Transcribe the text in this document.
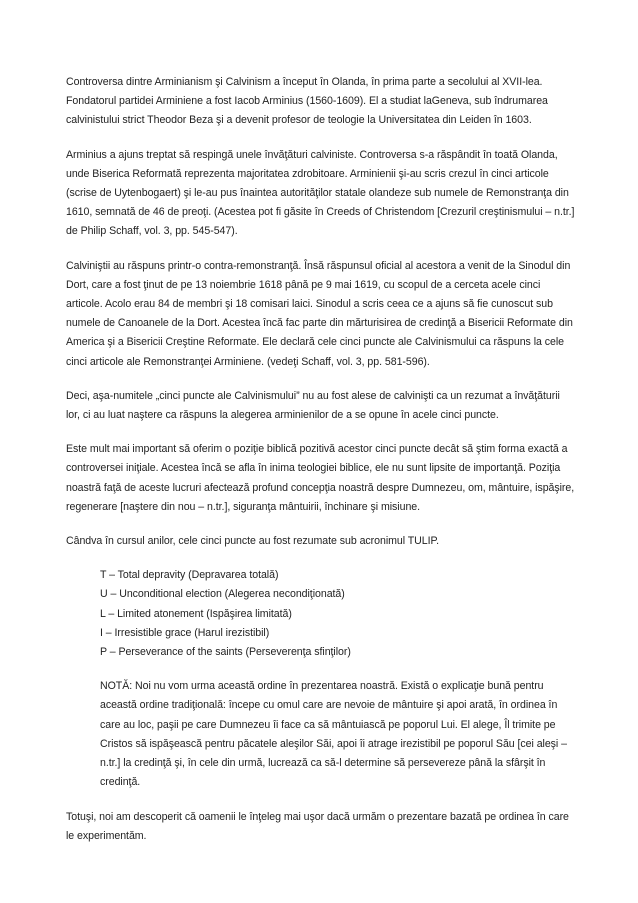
Controversa dintre Arminianism şi Calvinism a început în Olanda, în prima parte a secolului al XVII-lea. Fondatorul partidei Arminiene a fost Iacob Arminius (1560-1609). El a studiat laGeneva, sub îndrumarea calvinistului strict Theodor Beza şi a devenit profesor de teologie la Universitatea din Leiden în 1603.

Arminius a ajuns treptat să respingă unele învăţături calviniste. Controversa s-a răspândit în toată Olanda, unde Biserica Reformată reprezenta majoritatea zdrobitoare. Arminienii şi-au scris crezul în cinci articole (scrise de Uytenbogaert) şi le-au pus înaintea autorităţilor statale olandeze sub numele de Remonstranţa din 1610, semnată de 46 de preoţi. (Acestea pot fi găsite în Creeds of Christendom [Crezuril creştinismului – n.tr.] de Philip Schaff, vol. 3, pp. 545-547).

Calviniştii au răspuns printr-o contra-remonstranţă. Însă răspunsul oficial al acestora a venit de la Sinodul din Dort, care a fost ţinut de pe 13 noiembrie 1618 până pe 9 mai 1619, cu scopul de a cerceta acele cinci articole. Acolo erau 84 de membri şi 18 comisari laici. Sinodul a scris ceea ce a ajuns să fie cunoscut sub numele de Canoanele de la Dort. Acestea încă fac parte din mărturisirea de credinţă a Bisericii Reformate din America şi a Bisericii Creştine Reformate. Ele declară cele cinci puncte ale Calvinismului ca răspuns la cele cinci articole ale Remonstranţei Arminiene. (vedeţi Schaff, vol. 3, pp. 581-596).

Deci, aşa-numitele „cinci puncte ale Calvinismului” nu au fost alese de calvinişti ca un rezumat a învăţăturii lor, ci au luat naştere ca răspuns la alegerea arminienilor de a se opune în acele cinci puncte.

Este mult mai important să oferim o poziţie biblică pozitivă acestor cinci puncte decât să ştim forma exactă a controversei iniţiale. Acestea încă se afla în inima teologiei biblice, ele nu sunt lipsite de importanţă. Poziţia noastră faţă de aceste lucruri afectează profund concepţia noastră despre Dumnezeu, om, mântuire, ispăşire, regenerare [naştere din nou – n.tr.], siguranţa mântuirii, închinare şi misiune.

Cândva în cursul anilor, cele cinci puncte au fost rezumate sub acronimul TULIP.

T – Total depravity (Depravarea totală)
U – Unconditional election (Alegerea necondiţionată)
L – Limited atonement (Ispăşirea limitată)
I – Irresistible grace (Harul irezistibil)
P – Perseverance of the saints (Perseverenţa sfinţilor)
NOTĂ: Noi nu vom urma această ordine în prezentarea noastră. Există o explicaţie bună pentru această ordine tradiţională: începe cu omul care are nevoie de mântuire şi apoi arată, în ordinea în care au loc, paşii pe care Dumnezeu îi face ca să mântuiască pe poporul Lui. El alege, Îl trimite pe Cristos să ispăşească pentru păcatele aleşilor Săi, apoi îi atrage irezistibil pe poporul Său [cei aleşi – n.tr.] la credinţă şi, în cele din urmă, lucrează ca să-l determine să persevereze până la sfârşit în credinţă.

Totuşi, noi am descoperit că oamenii le înţeleg mai uşor dacă urmăm o prezentare bazată pe ordinea în care le experimentăm.
